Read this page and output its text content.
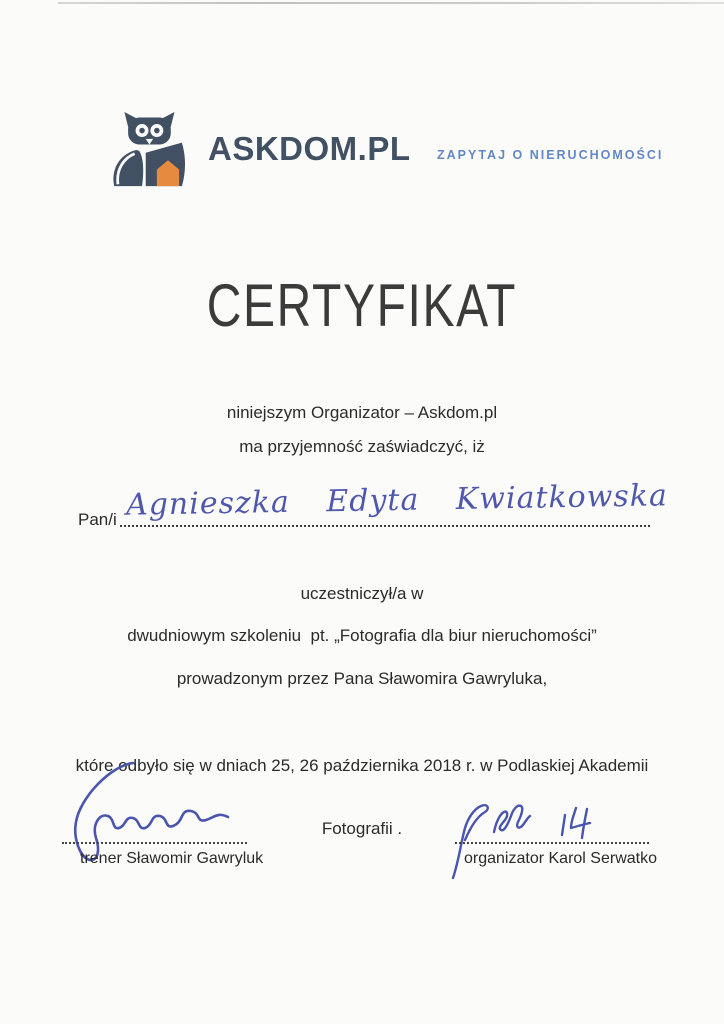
ASKDOM.PL ZAPYTAJ O NIERUCHOMOŚCI
CERTYFIKAT
niniejszym Organizator – Askdom.pl
ma przyjemność zaświadczyć, iż
Pan/i Agnieszka Edyta Kwiatkowska
uczestniczył/a w
dwudniowym szkoleniu  pt. „Fotografia dla biur nieruchomości”
prowadzonym przez Pana Sławomira Gawryluka,

które odbyło się w dniach 25, 26 października 2018 r. w Podlaskiej Akademii

Fotografii .

trener Sławomir Gawryluk	organizator Karol Serwatko
